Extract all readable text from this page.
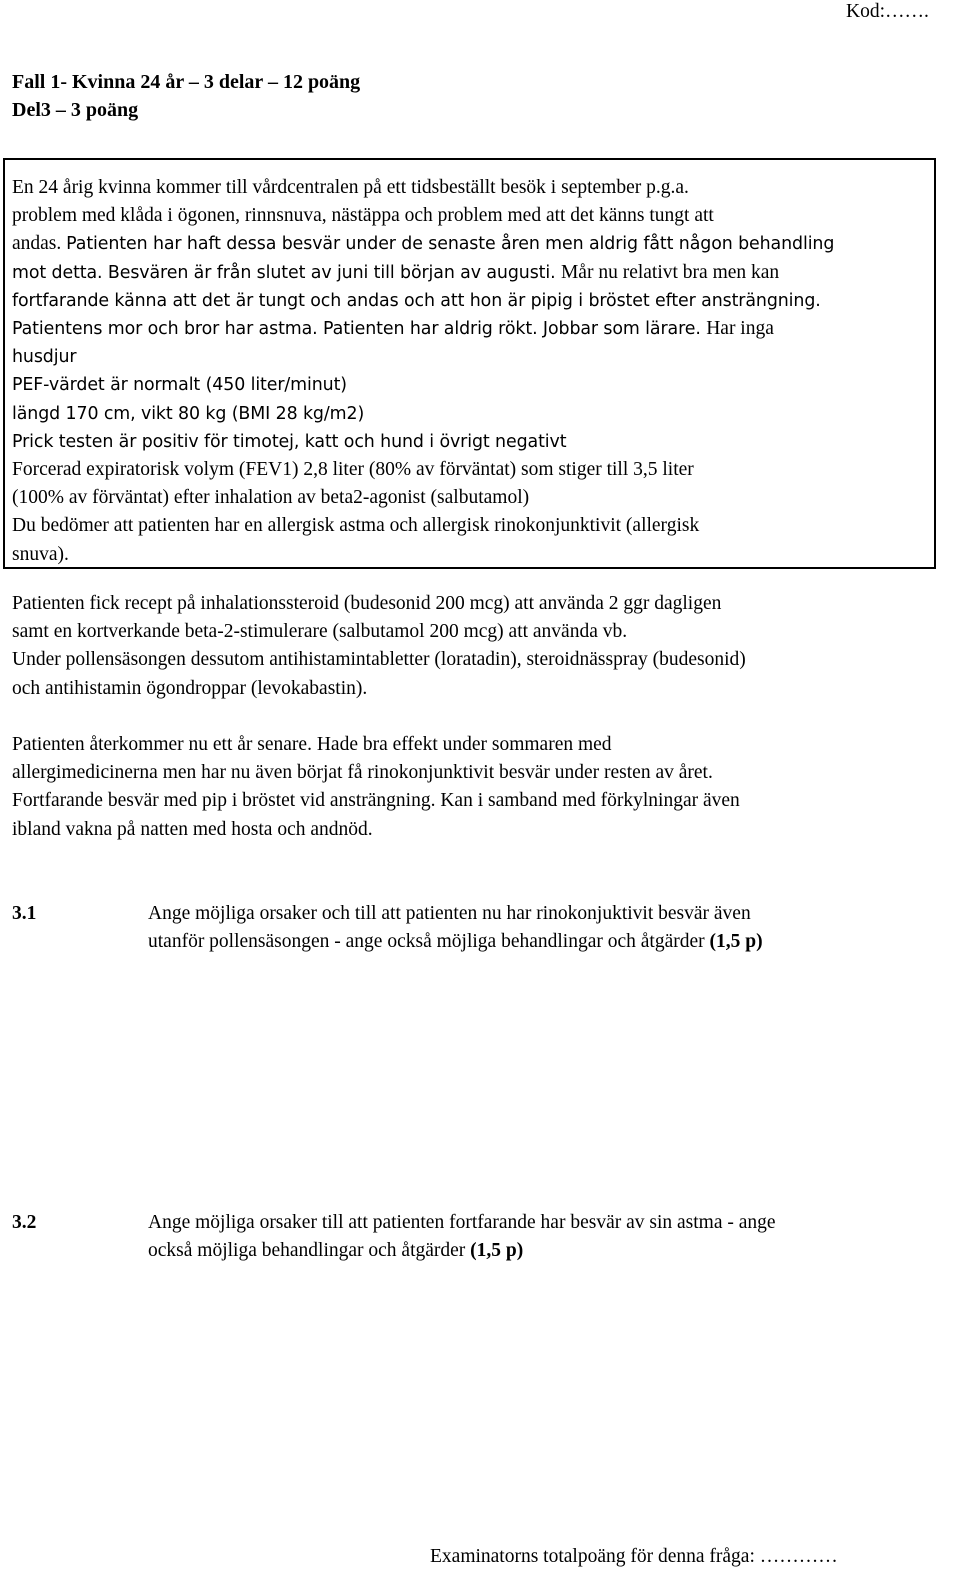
Kod:…….
Fall 1- Kvinna 24 år – 3 delar – 12 poäng
Del3 – 3 poäng
En 24 årig kvinna kommer till vårdcentralen på ett tidsbeställt besök i september p.g.a.
problem med klåda i ögonen, rinnsnuva, nästäppa och problem med att det känns tungt att
andas. Patienten har haft dessa besvär under de senaste åren men aldrig fått någon behandling
mot detta. Besvären är från slutet av juni till början av augusti. Mår nu relativt bra men kan
fortfarande känna att det är tungt och andas och att hon är pipig i bröstet efter ansträngning.
Patientens mor och bror har astma. Patienten har aldrig rökt. Jobbar som lärare. Har inga
husdjur
PEF-värdet är normalt (450 liter/minut)
längd 170 cm, vikt 80 kg (BMI 28 kg/m2)
Prick testen är positiv för timotej, katt och hund i övrigt negativt
Forcerad expiratorisk volym (FEV1) 2,8 liter (80% av förväntat) som stiger till 3,5 liter
(100% av förväntat) efter inhalation av beta2-agonist (salbutamol)
Du bedömer att patienten har en allergisk astma och allergisk rinokonjunktivit (allergisk
snuva).
Patienten fick recept på inhalationssteroid (budesonid 200 mcg) att använda 2 ggr dagligen
samt en kortverkande beta-2-stimulerare (salbutamol 200 mcg) att använda vb.
Under pollensäsongen dessutom antihistamintabletter (loratadin), steroidnässpray (budesonid)
och antihistamin ögondroppar (levokabastin).
Patienten återkommer nu ett år senare. Hade bra effekt under sommaren med
allergimedicinerna men har nu även börjat få rinokonjunktivit besvär under resten av året.
Fortfarande besvär med pip i bröstet vid ansträngning. Kan i samband med förkylningar även
ibland vakna på natten med hosta och andnöd.
3.1	Ange möjliga orsaker och till att patienten nu har rinokonjuktivit besvär även
utanför pollensäsongen - ange också möjliga behandlingar och åtgärder (1,5 p)
3.2	Ange möjliga orsaker till att patienten fortfarande har besvär av sin astma - ange
också möjliga behandlingar och åtgärder (1,5 p)
Examinatorns totalpoäng för denna fråga: …………
